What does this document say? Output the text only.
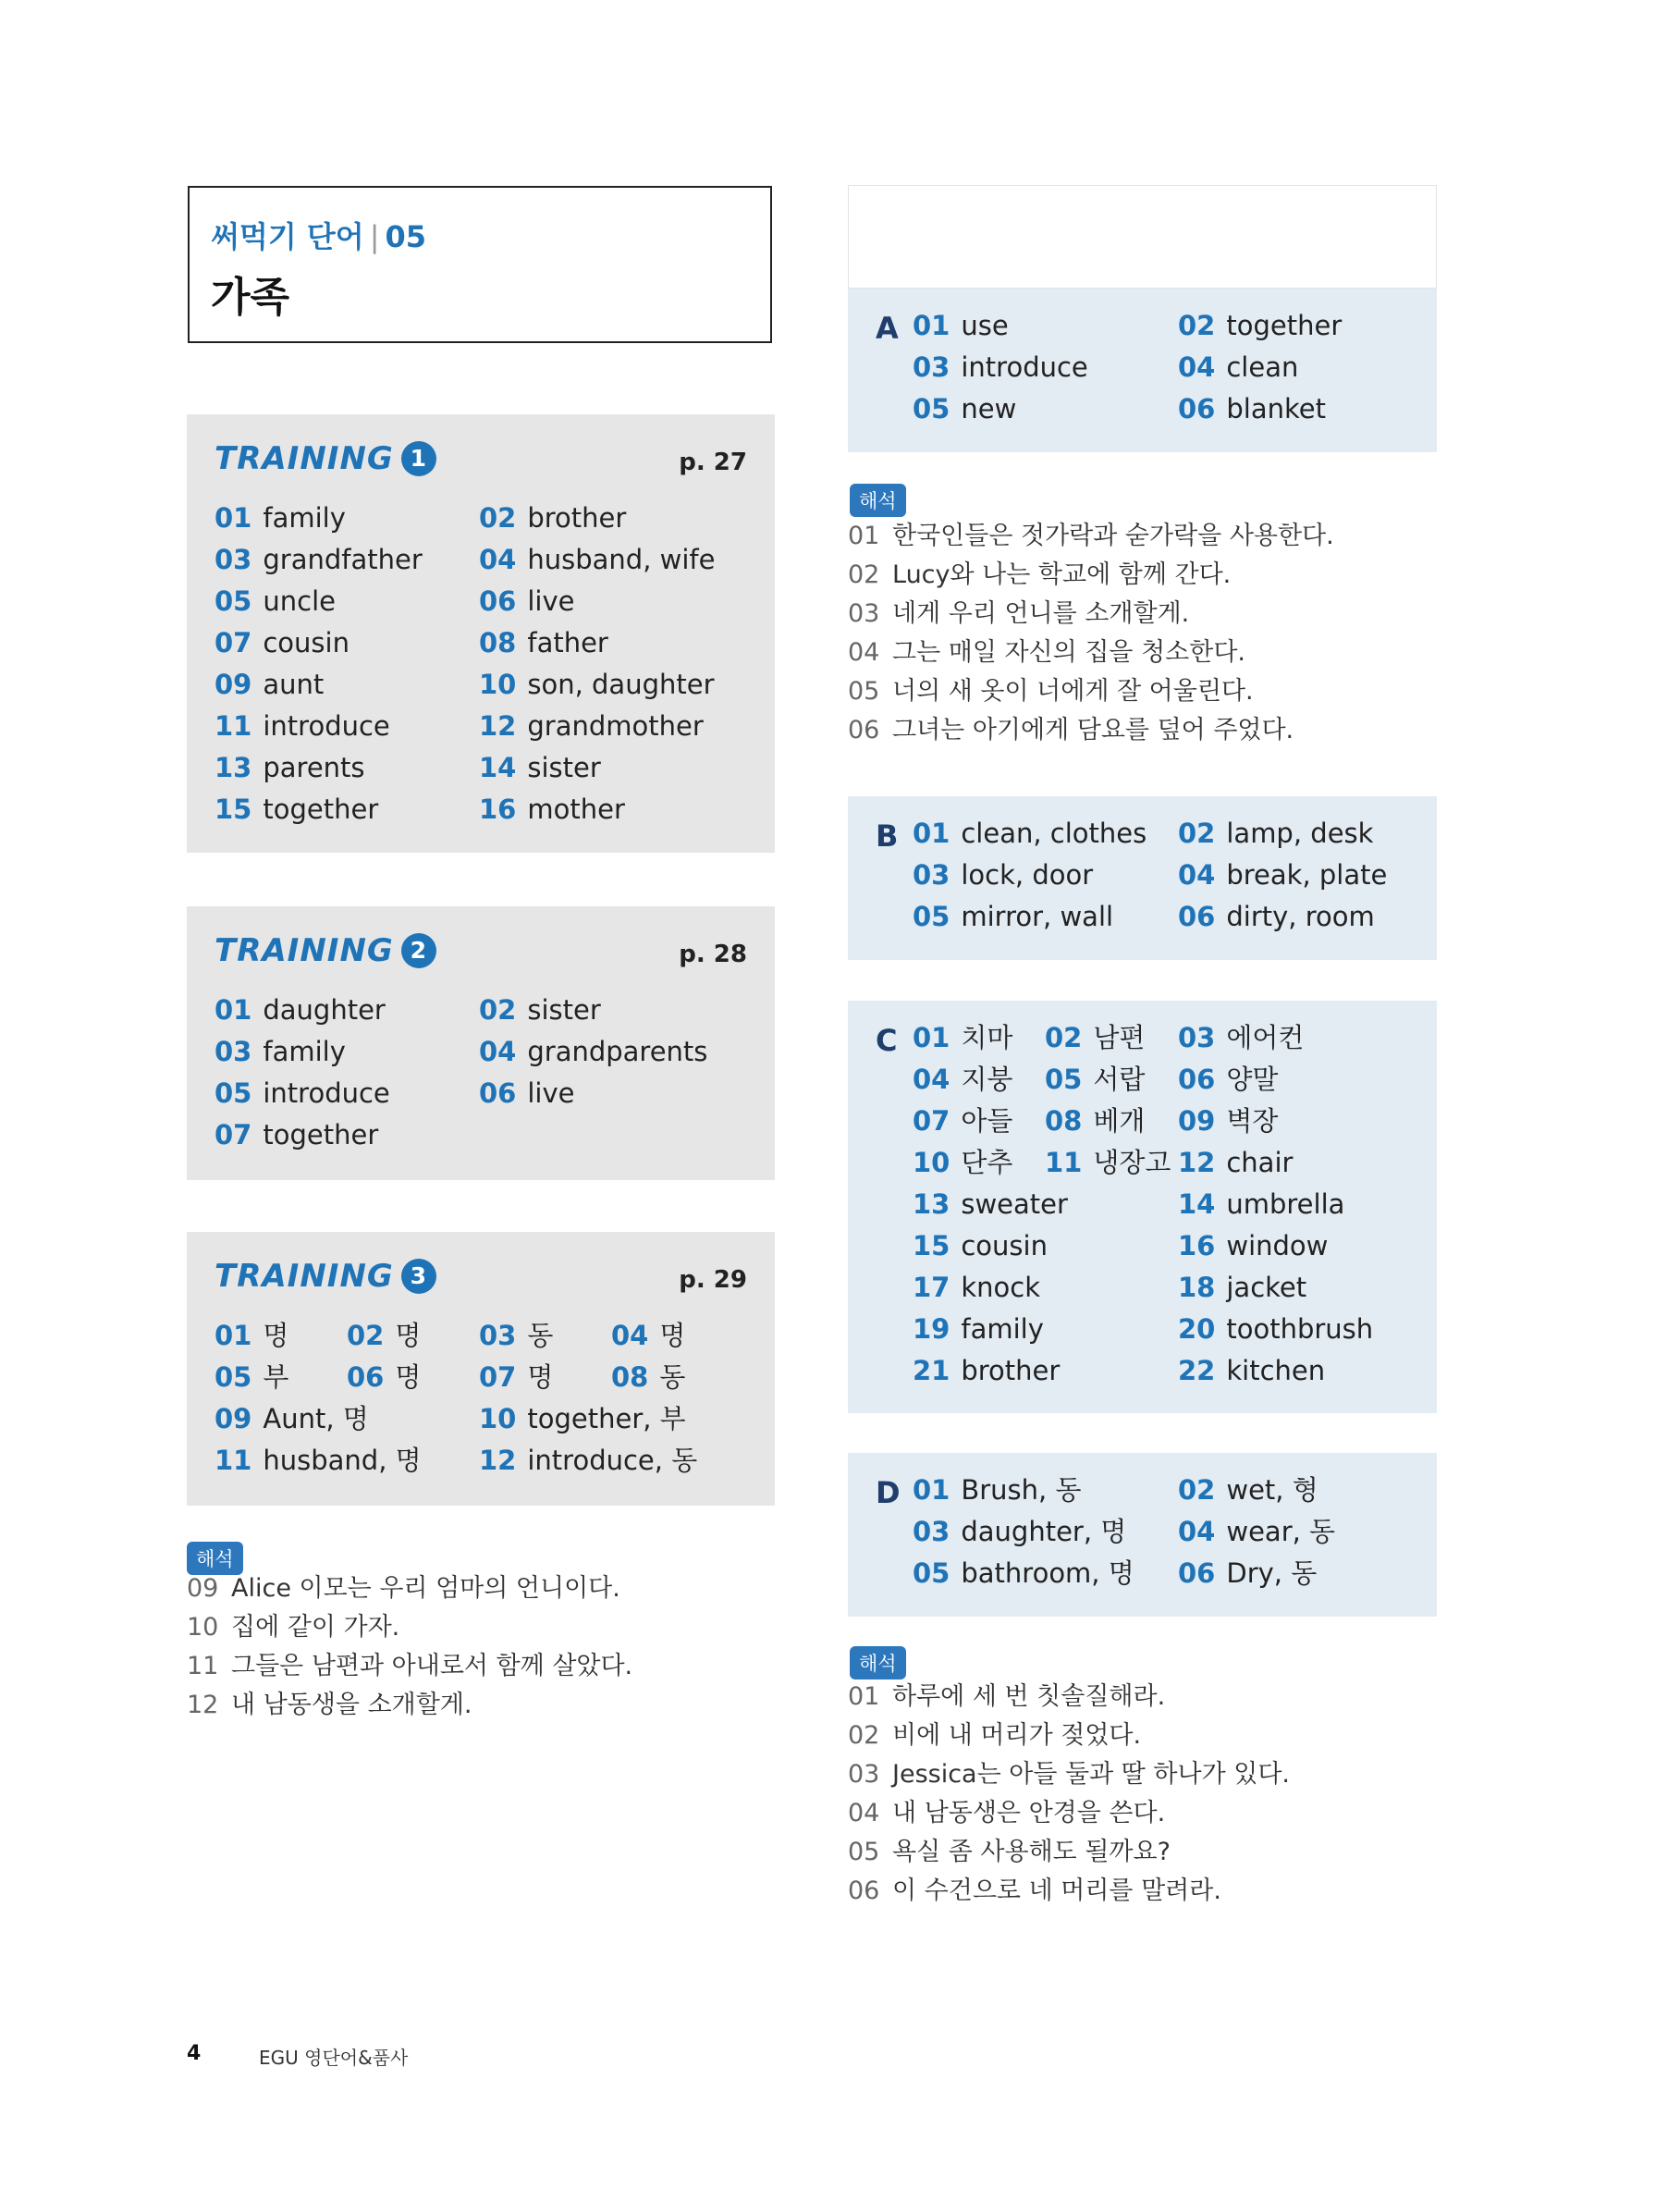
써먹기 단어 | 05
가족
TRAINING 1	p. 27
01 family	02 brother
03 grandfather 04 husband, wife
05 uncle	06 live
07 cousin	08 father
09 aunt	10 son, daughter
11 introduce	12 grandmother
13 parents	14 sister
15 together	16 mother
TRAINING 2	p. 28
01 daughter	02 sister
03 family	04 grandparents
05 introduce	06 live
07 together
TRAINING 3	p. 29
01 명 02 명 03 동 04 명
05 부 06 명 07 명 08 동
09 Aunt, 명	10 together, 부
11 husband, 명 12 introduce, 동
해석
09 Alice 이모는 우리 엄마의 언니이다.
10 집에 같이 가자.
11 그들은 남편과 아내로서 함께 살았다.
12 내 남동생을 소개할게.
A 01 use	02 together
03 introduce	04 clean
05 new	06 blanket
해석
01 한국인들은 젓가락과 숟가락을 사용한다.
02 Lucy와 나는 학교에 함께 간다.
03 네게 우리 언니를 소개할게.
04 그는 매일 자신의 집을 청소한다.
05 너의 새 옷이 너에게 잘 어울린다.
06 그녀는 아기에게 담요를 덮어 주었다.
B 01 clean, clothes 02 lamp, desk
03 lock, door	04 break, plate
05 mirror, wall 06 dirty, room
C 01 치마 02 남편 03 에어컨
04 지붕 05 서랍 06 양말
07 아들 08 베개 09 벽장
10 단추 11 냉장고 12 chair
13 sweater	14 umbrella
15 cousin	16 window
17 knock	18 jacket
19 family	20 toothbrush
21 brother	22 kitchen
D 01 Brush, 동	02 wet, 형
03 daughter, 명 04 wear, 동
05 bathroom, 명 06 Dry, 동
해석
01 하루에 세 번 칫솔질해라.
02 비에 내 머리가 젖었다.
03 Jessica는 아들 둘과 딸 하나가 있다.
04 내 남동생은 안경을 쓴다.
05 욕실 좀 사용해도 될까요?
06 이 수건으로 네 머리를 말려라.
4	EGU 영단어&품사
